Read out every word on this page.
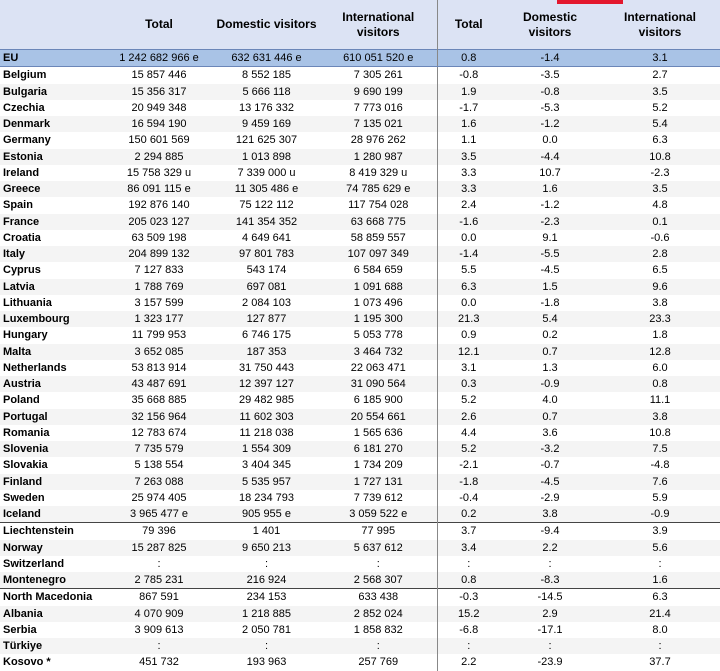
	Total	Domestic visitors	International visitors	Total	Domestic visitors	International visitors
EU	1 242 682 966 e	632 631 446 e	610 051 520 e	0.8	-1.4	3.1
Belgium	15 857 446	8 552 185	7 305 261	-0.8	-3.5	2.7
Bulgaria	15 356 317	5 666 118	9 690 199	1.9	-0.8	3.5
Czechia	20 949 348	13 176 332	7 773 016	-1.7	-5.3	5.2
Denmark	16 594 190	9 459 169	7 135 021	1.6	-1.2	5.4
Germany	150 601 569	121 625 307	28 976 262	1.1	0.0	6.3
Estonia	2 294 885	1 013 898	1 280 987	3.5	-4.4	10.8
Ireland	15 758 329 u	7 339 000 u	8 419 329 u	3.3	10.7	-2.3
Greece	86 091 115 e	11 305 486 e	74 785 629 e	3.3	1.6	3.5
Spain	192 876 140	75 122 112	117 754 028	2.4	-1.2	4.8
France	205 023 127	141 354 352	63 668 775	-1.6	-2.3	0.1
Croatia	63 509 198	4 649 641	58 859 557	0.0	9.1	-0.6
Italy	204 899 132	97 801 783	107 097 349	-1.4	-5.5	2.8
Cyprus	7 127 833	543 174	6 584 659	5.5	-4.5	6.5
Latvia	1 788 769	697 081	1 091 688	6.3	1.5	9.6
Lithuania	3 157 599	2 084 103	1 073 496	0.0	-1.8	3.8
Luxembourg	1 323 177	127 877	1 195 300	21.3	5.4	23.3
Hungary	11 799 953	6 746 175	5 053 778	0.9	0.2	1.8
Malta	3 652 085	187 353	3 464 732	12.1	0.7	12.8
Netherlands	53 813 914	31 750 443	22 063 471	3.1	1.3	6.0
Austria	43 487 691	12 397 127	31 090 564	0.3	-0.9	0.8
Poland	35 668 885	29 482 985	6 185 900	5.2	4.0	11.1
Portugal	32 156 964	11 602 303	20 554 661	2.6	0.7	3.8
Romania	12 783 674	11 218 038	1 565 636	4.4	3.6	10.8
Slovenia	7 735 579	1 554 309	6 181 270	5.2	-3.2	7.5
Slovakia	5 138 554	3 404 345	1 734 209	-2.1	-0.7	-4.8
Finland	7 263 088	5 535 957	1 727 131	-1.8	-4.5	7.6
Sweden	25 974 405	18 234 793	7 739 612	-0.4	-2.9	5.9
Iceland	3 965 477 e	905 955 e	3 059 522 e	0.2	3.8	-0.9
Liechtenstein	79 396	1 401	77 995	3.7	-9.4	3.9
Norway	15 287 825	9 650 213	5 637 612	3.4	2.2	5.6
Switzerland	:	:	:	:	:	:
Montenegro	2 785 231	216 924	2 568 307	0.8	-8.3	1.6
North Macedonia	867 591	234 153	633 438	-0.3	-14.5	6.3
Albania	4 070 909	1 218 885	2 852 024	15.2	2.9	21.4
Serbia	3 909 613	2 050 781	1 858 832	-6.8	-17.1	8.0
Türkiye	:	:	:	:	:	:
Kosovo *	451 732	193 963	257 769	2.2	-23.9	37.7
